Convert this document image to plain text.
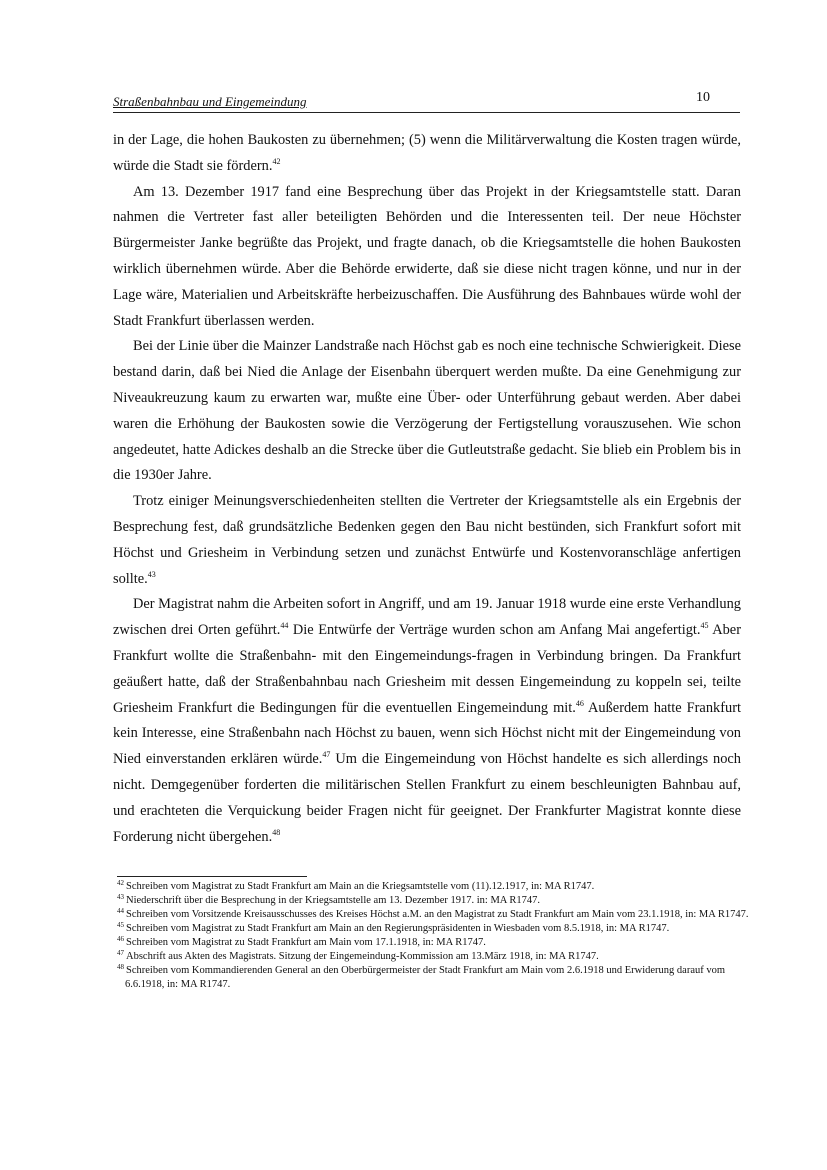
Straßenbahnbau und Eingemeindung	10

in der Lage, die hohen Baukosten zu übernehmen; (5) wenn die Militärverwaltung die Kosten tragen würde, würde die Stadt sie fördern.$^{42}$

Am 13. Dezember 1917 fand eine Besprechung über das Projekt in der Kriegsamtstelle statt. Daran nahmen die Vertreter fast aller beteiligten Behörden und die Interessenten teil. Der neue Höchster Bürgermeister Janke begrüßte das Projekt, und fragte danach, ob die Kriegsamtstelle die hohen Baukosten wirklich übernehmen würde. Aber die Behörde erwiderte, daß sie diese nicht tragen könne, und nur in der Lage wäre, Materialien und Arbeitskräfte herbeizuschaffen. Die Ausführung des Bahnbaues würde wohl der Stadt Frankfurt überlassen werden.

Bei der Linie über die Mainzer Landstraße nach Höchst gab es noch eine technische Schwierigkeit. Diese bestand darin, daß bei Nied die Anlage der Eisenbahn überquert werden mußte. Da eine Genehmigung zur Niveaukreuzung kaum zu erwarten war, mußte eine Über- oder Unterführung gebaut werden. Aber dabei waren die Erhöhung der Baukosten sowie die Verzögerung der Fertigstellung vorauszusehen. Wie schon angedeutet, hatte Adickes deshalb an die Strecke über die Gutleutstraße gedacht. Sie blieb ein Problem bis in die 1930er Jahre.

Trotz einiger Meinungsverschiedenheiten stellten die Vertreter der Kriegsamtstelle als ein Ergebnis der Besprechung fest, daß grundsätzliche Bedenken gegen den Bau nicht bestünden, sich Frankfurt sofort mit Höchst und Griesheim in Verbindung setzen und zunächst Entwürfe und Kostenvoranschläge anfertigen sollte.$^{43}$

Der Magistrat nahm die Arbeiten sofort in Angriff, und am 19. Januar 1918 wurde eine erste Verhandlung zwischen drei Orten geführt.$^{44}$ Die Entwürfe der Verträge wurden schon am Anfang Mai angefertigt.$^{45}$ Aber Frankfurt wollte die Straßenbahn- mit den Eingemeindungs-fragen in Verbindung bringen. Da Frankfurt geäußert hatte, daß der Straßenbahnbau nach Griesheim mit dessen Eingemeindung zu koppeln sei, teilte Griesheim Frankfurt die Bedingungen für die eventuellen Eingemeindung mit.$^{46}$ Außerdem hatte Frankfurt kein Interesse, eine Straßenbahn nach Höchst zu bauen, wenn sich Höchst nicht mit der Eingemeindung von Nied einverstanden erklären würde.$^{47}$ Um die Eingemeindung von Höchst handelte es sich allerdings noch nicht. Demgegenüber forderten die militärischen Stellen Frankfurt zu einem beschleunigten Bahnbau auf, und erachteten die Verquickung beider Fragen nicht für geeignet. Der Frankfurter Magistrat konnte diese Forderung nicht übergehen.$^{48}$

$^{42}$ Schreiben vom Magistrat zu Stadt Frankfurt am Main an die Kriegsamtstelle vom (11).12.1917, in: MA R1747.

$^{43}$ Niederschrift über die Besprechung in der Kriegsamtstelle am 13. Dezember 1917. in: MA R1747.

$^{44}$ Schreiben vom Vorsitzende Kreisausschusses des Kreises Höchst a.M. an den Magistrat zu Stadt Frankfurt am Main vom 23.1.1918, in: MA R1747.

$^{45}$ Schreiben vom Magistrat zu Stadt Frankfurt am Main an den Regierungspräsidenten in Wiesbaden vom 8.5.1918, in: MA R1747.

$^{46}$ Schreiben vom Magistrat zu Stadt Frankfurt am Main vom 17.1.1918, in: MA R1747.

$^{47}$ Abschrift aus Akten des Magistrats. Sitzung der Eingemeindung-Kommission am 13.März 1918, in: MA R1747.

$^{48}$ Schreiben vom Kommandierenden General an den Oberbürgermeister der Stadt Frankfurt am Main vom 2.6.1918 und Erwiderung darauf vom 6.6.1918, in: MA R1747.
